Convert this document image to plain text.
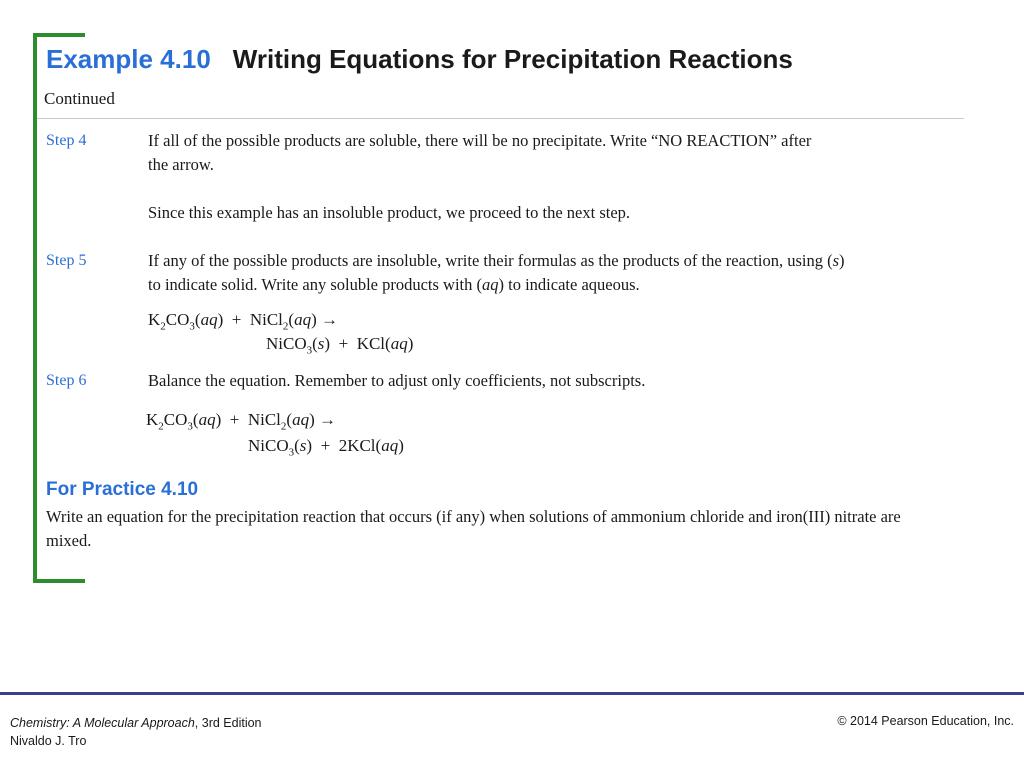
Example 4.10 Writing Equations for Precipitation Reactions
Continued
Step 4	If all of the possible products are soluble, there will be no precipitate. Write “NO REACTION” after
the arrow.
Since this example has an insoluble product, we proceed to the next step.
Step 5	If any of the possible products are insoluble, write their formulas as the products of the reaction, using (s)
to indicate solid. Write any soluble products with (aq) to indicate aqueous.
$K_2CO_3(aq)$  + NiCl$_2$(aq) →
NiCO$_3$(s)  + KCl(aq)
Step 6	Balance the equation. Remember to adjust only coefficients, not subscripts.
$K_2CO_3(aq)$  + NiCl$_2$(aq) →
NiCO$_3$(s)  + 2KCl(aq)
For Practice 4.10
Write an equation for the precipitation reaction that occurs (if any) when solutions of ammonium chloride and iron(III) nitrate are mixed.
Chemistry: A Molecular Approach, 3rd Edition
Nivaldo J. Tro
© 2014 Pearson Education, Inc.
